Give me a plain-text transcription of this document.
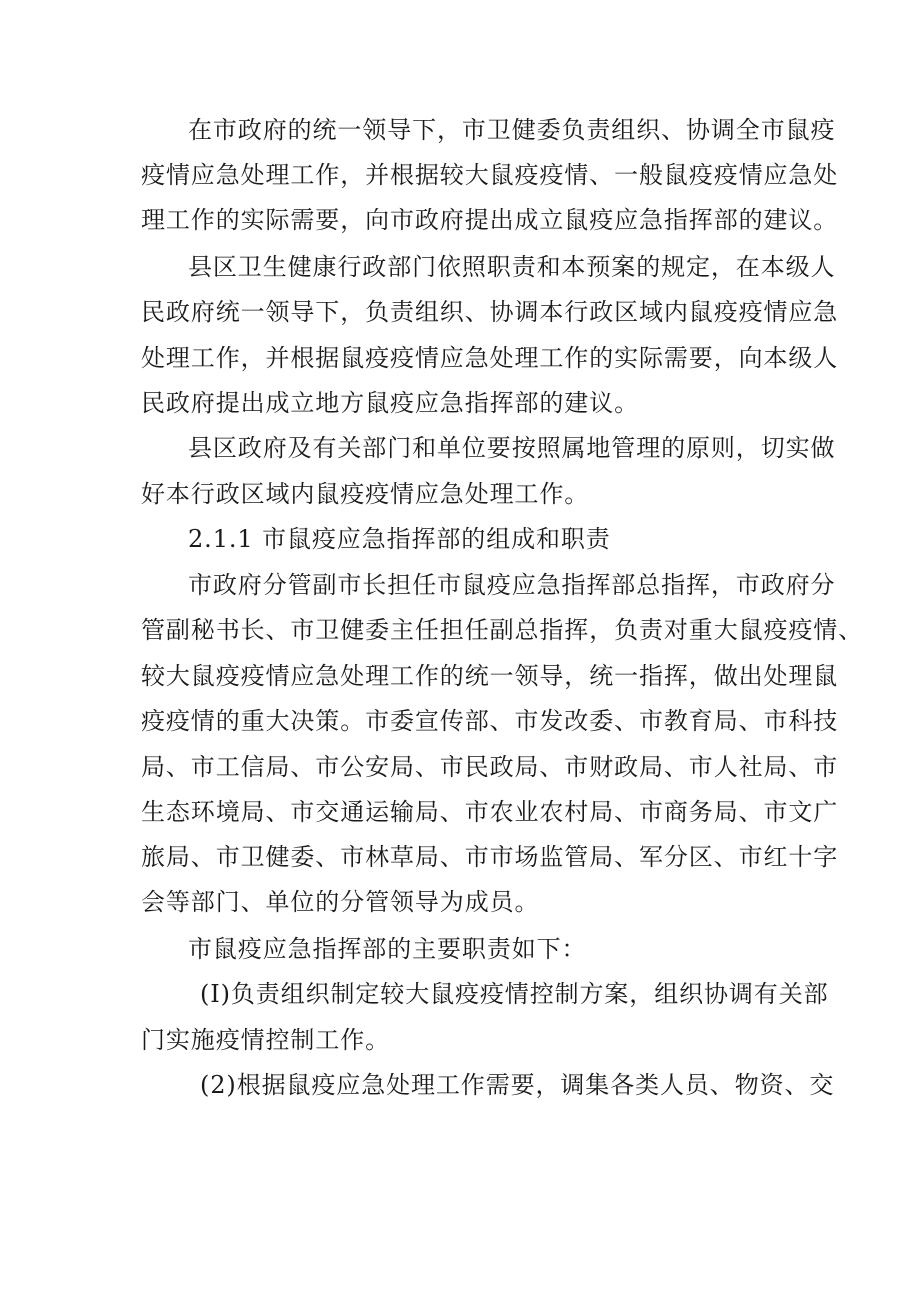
在市政府的统一领导下，市卫健委负责组织、协调全市鼠疫

疫情应急处理工作，并根据较大鼠疫疫情、一般鼠疫疫情应急处

理工作的实际需要，向市政府提出成立鼠疫应急指挥部的建议。

县区卫生健康行政部门依照职责和本预案的规定，在本级人

民政府统一领导下，负责组织、协调本行政区域内鼠疫疫情应急

处理工作，并根据鼠疫疫情应急处理工作的实际需要，向本级人

民政府提出成立地方鼠疫应急指挥部的建议。

县区政府及有关部门和单位要按照属地管理的原则，切实做

好本行政区域内鼠疫疫情应急处理工作。

2.1.1 市鼠疫应急指挥部的组成和职责

市政府分管副市长担任市鼠疫应急指挥部总指挥，市政府分

管副秘书长、市卫健委主任担任副总指挥，负责对重大鼠疫疫情、

较大鼠疫疫情应急处理工作的统一领导，统一指挥，做出处理鼠

疫疫情的重大决策。市委宣传部、市发改委、市教育局、市科技

局、市工信局、市公安局、市民政局、市财政局、市人社局、市

生态环境局、市交通运输局、市农业农村局、市商务局、市文广

旅局、市卫健委、市林草局、市市场监管局、军分区、市红十字

会等部门、单位的分管领导为成员。

市鼠疫应急指挥部的主要职责如下：

(I)负责组织制定较大鼠疫疫情控制方案，组织协调有关部

门实施疫情控制工作。

(2)根据鼠疫应急处理工作需要，调集各类人员、物资、交
